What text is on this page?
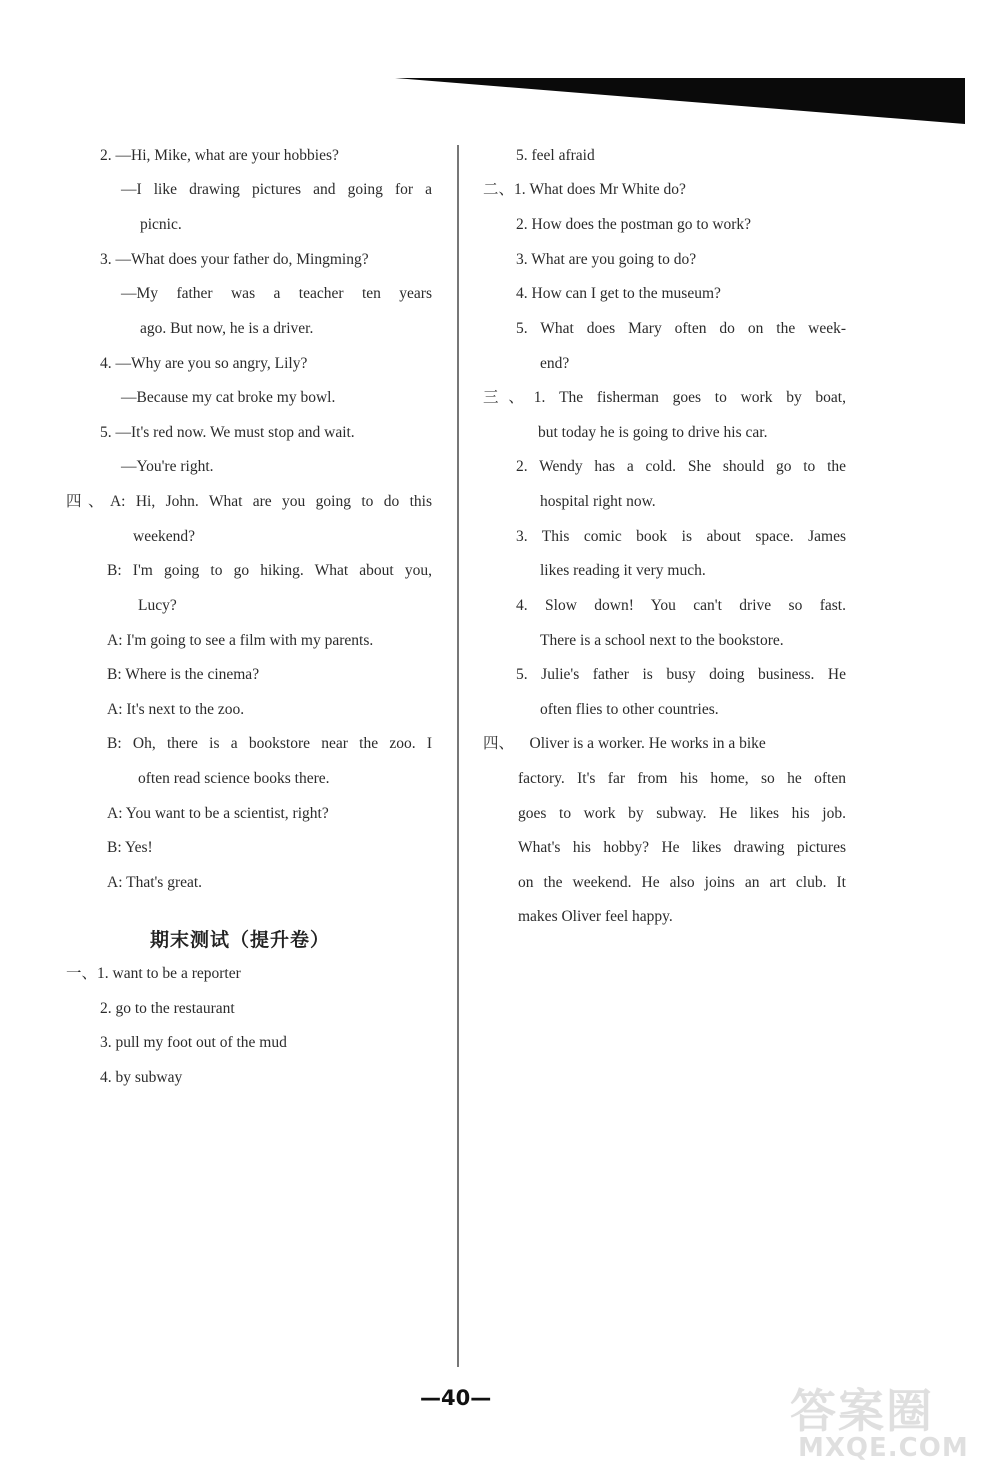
2. —Hi, Mike, what are your hobbies?
—I like drawing pictures and going for a
picnic.
3. —What does your father do, Mingming?
—My father was a teacher ten years
ago. But now, he is a driver.
4. —Why are you so angry, Lily?
—Because my cat broke my bowl.
5. —It's red now. We must stop and wait.
—You're right.
四、A: Hi, John. What are you going to do this
weekend?
B: I'm going to go hiking. What about you,
Lucy?
A: I'm going to see a film with my parents.
B: Where is the cinema?
A: It's next to the zoo.
B: Oh, there is a bookstore near the zoo. I
often read science books there.
A: You want to be a scientist, right?
B: Yes!
A: That's great.
期末测试（提升卷）
一、1. want to be a reporter
2. go to the restaurant
3. pull my foot out of the mud
4. by subway
5. feel afraid
二、1. What does Mr White do?
2. How does the postman go to work?
3. What are you going to do?
4. How can I get to the museum?
5. What does Mary often do on the week-
end?
三、1. The fisherman goes to work by boat,
but today he is going to drive his car.
2. Wendy has a cold. She should go to the
hospital right now.
3. This comic book is about space. James
likes reading it very much.
4. Slow down! You can't drive so fast.
There is a school next to the bookstore.
5. Julie's father is busy doing business. He
often flies to other countries.
四、    Oliver is a worker. He works in a bike
factory. It's far from his home, so he often
goes to work by subway. He likes his job.
What's his hobby? He likes drawing pictures
on the weekend. He also joins an art club. It
makes Oliver feel happy.
—40—	答案圈
MXQE.COM
